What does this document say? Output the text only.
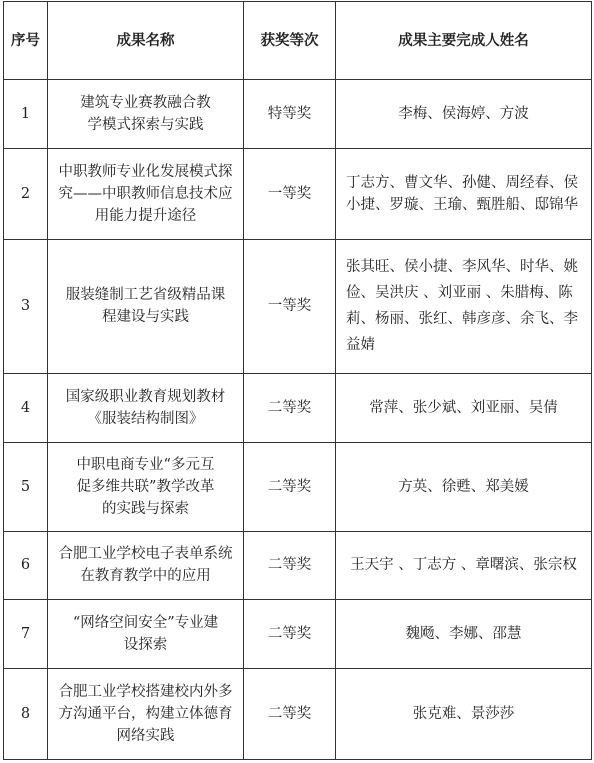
序号	成果名称	获奖等次	成果主要完成人姓名
1	建筑专业赛教融合教学模式探索与实践	特等奖	李梅、侯海婷、方波
2	中职教师专业化发展模式探究——中职教师信息技术应用能力提升途径	一等奖	丁志方、曹文华、孙健、周经春、侯小捷、罗璇、王瑜、甄胜船、邸锦华
3	服装缝制工艺省级精品课程建设与实践	一等奖	张其旺、侯小捷、李风华、时华、姚俭、吴洪庆 、刘亚丽 、朱腊梅、陈莉、杨丽、张红、韩彦彦、余飞、李益婧
4	国家级职业教育规划教材《服装结构制图》	二等奖	常萍、张少斌、刘亚丽、吴倩
5	中职电商专业“多元互促多维共联”教学改革的实践与探索	二等奖	方英、徐甦、郑美媛
6	合肥工业学校电子表单系统在教育教学中的应用	二等奖	王天宇 、丁志方 、章曙滨、张宗权
7	“网络空间安全”专业建设探索	二等奖	魏飏、李娜、邵慧
8	合肥工业学校搭建校内外多方沟通平台，构建立体德育网络实践	二等奖	张克难、景莎莎
